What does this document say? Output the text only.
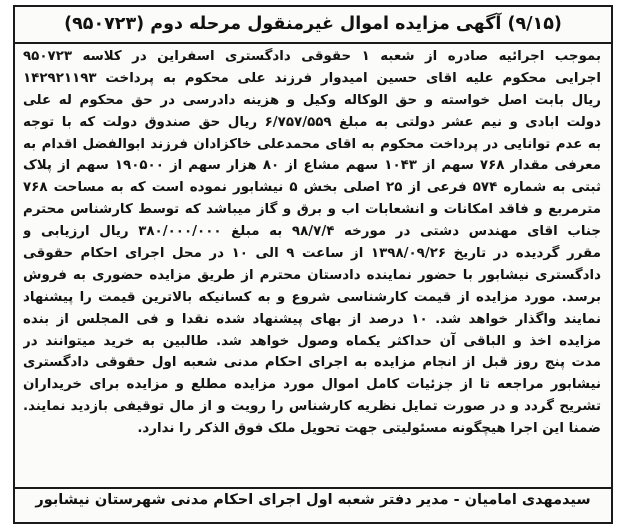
(۹/۱۵) آگهی مزایده اموال غیرمنقول مرحله دوم (۹۵۰۷۲۳)
بموجب اجرائیه صادره از شعبه ۱ حقوقی دادگستری اسفراین در کلاسه ۹۵۰۷۲۳
اجرایی محکوم علیه اقای حسین امیدوار فرزند علی محکوم به پرداخت ۱۴۲۹۲۱۱۹۳
ریال بابت اصل خواسته و حق الوکاله وکیل و هزینه دادرسی در حق محکوم له علی
دولت ابادی و نیم عشر دولتی به مبلغ ۶/۷۵۷/۵۵۹ ریال حق صندوق دولت که با توجه
به عدم توانایی در پرداخت محکوم به اقای محمدعلی خاکزادان فرزند ابوالفضل اقدام به
معرفی مقدار ۷۶۸ سهم از ۱۰۴۳ سهم مشاع از ۸۰ هزار سهم از ۱۹۰۵۰۰ سهم از پلاک
ثبتی به شماره ۵۷۴ فرعی از ۲۵ اصلی بخش ۵ نیشابور نموده است که به مساحت ۷۶۸
مترمربع و فاقد امکانات و انشعابات اب و برق و گاز میباشد که توسط کارشناس محترم
جناب اقای مهندس دشتی در مورخه ۹۸/۷/۴ به مبلغ ۳۸۰/۰۰۰/۰۰۰ ریال ارزیابی و
مقرر گردیده در تاریخ ۱۳۹۸/۰۹/۲۶ از ساعت ۹ الی ۱۰ در محل اجرای احکام حقوقی
دادگستری نیشابور با حضور نماینده دادستان محترم از طریق مزایده حضوری به فروش
برسد. مورد مزایده از قیمت کارشناسی شروع و به کسانیکه بالاترین قیمت را پیشنهاد
نمایند واگذار خواهد شد. ۱۰ درصد از بهای پیشنهاد شده نقدا و فی المجلس از بنده
مزایده اخذ و الباقی آن حداکثر یکماه وصول خواهد شد. طالبین به خرید میتوانند در
مدت پنج روز قبل از انجام مزایده به اجرای احکام مدنی شعبه اول حقوقی دادگستری
نیشابور مراجعه تا از جزئیات کامل اموال مورد مزایده مطلع و مزایده برای خریداران
تشریح گردد و در صورت تمایل نظریه کارشناس را رویت و از مال توقیفی بازدید نمایند.
ضمنا این اجرا هیچگونه مسئولیتی جهت تحویل ملک فوق الذکر را ندارد.
سیدمهدی امامیان - مدیر دفتر شعبه اول اجرای احکام مدنی شهرستان نیشابور
